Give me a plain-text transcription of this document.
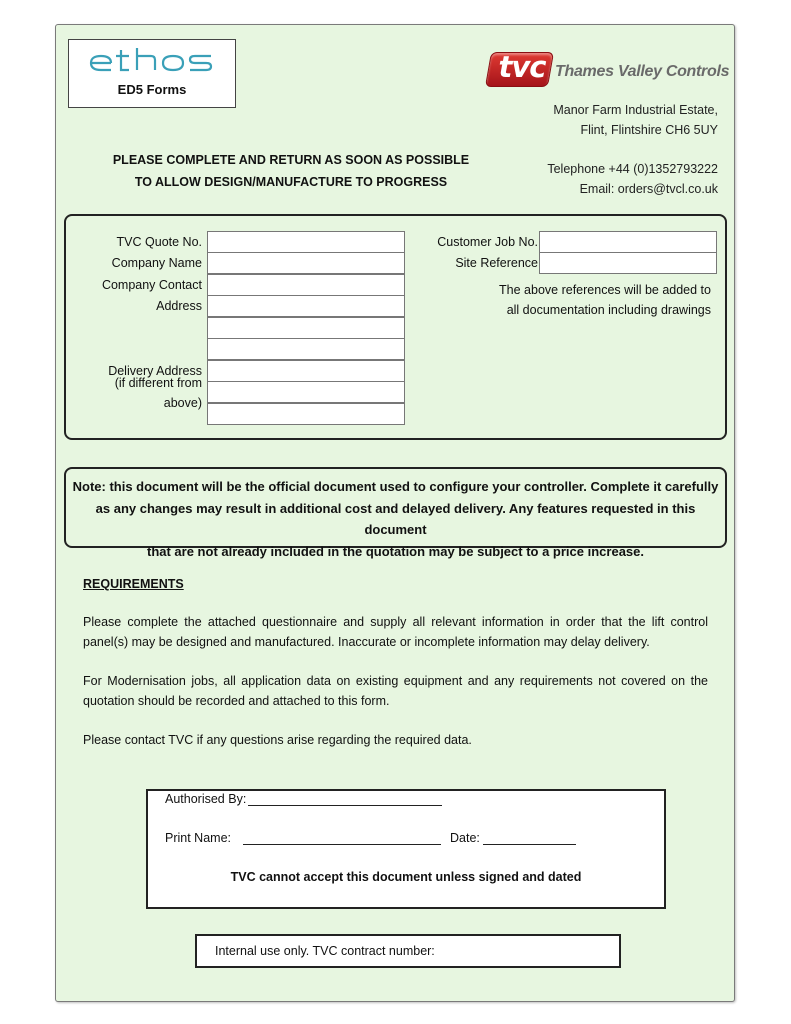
ED5 Forms
tvc Thames Valley Controls
Manor Farm Industrial Estate,
Flint, Flintshire CH6 5UY
Telephone +44 (0)1352793222
Email: orders@tvcl.co.uk
PLEASE COMPLETE AND RETURN AS SOON AS POSSIBLE
TO ALLOW DESIGN/MANUFACTURE TO PROGRESS
TVC Quote No.
Company Name
Company Contact
Address
Delivery Address
(if different from
above)
Customer Job No.
Site Reference
The above references will be added to
all documentation including drawings
Note: this document will be the official document used to configure your controller. Complete it carefully
as any changes may result in additional cost and delayed delivery. Any features requested in this document
that are not already included in the quotation may be subject to a price increase.
REQUIREMENTS
Please complete the attached questionnaire and supply all relevant information in order that the lift control panel(s) may be designed and manufactured. Inaccurate or incomplete information may delay delivery.
For Modernisation jobs, all application data on existing equipment and any requirements not covered on the quotation should be recorded and attached to this form.
Please contact TVC if any questions arise regarding the required data.
Authorised By:
Print Name:	Date:
TVC cannot accept this document unless signed and dated
Internal use only. TVC contract number:
